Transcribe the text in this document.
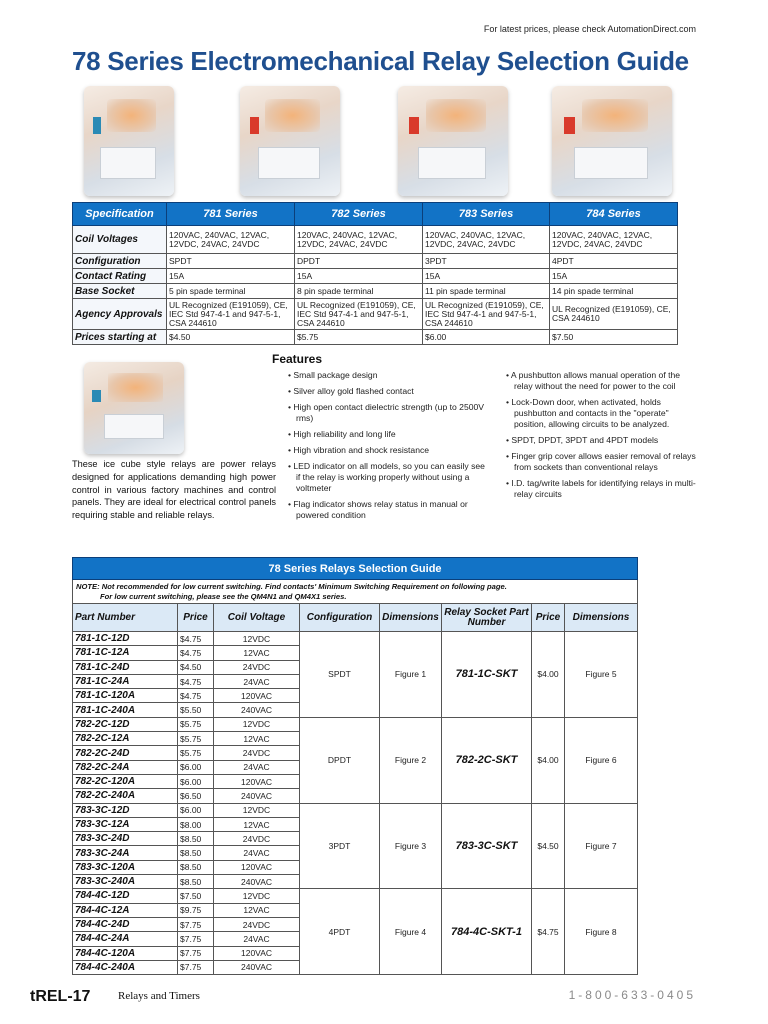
For latest prices, please check AutomationDirect.com
78 Series Electromechanical Relay Selection Guide
Specification	781 Series	782 Series	783 Series	784 Series
Coil Voltages	120VAC, 240VAC, 12VAC, 12VDC, 24VAC, 24VDC	120VAC, 240VAC, 12VAC, 12VDC, 24VAC, 24VDC	120VAC, 240VAC, 12VAC, 12VDC, 24VAC, 24VDC	120VAC, 240VAC, 12VAC, 12VDC, 24VAC, 24VDC
Configuration	SPDT	DPDT	3PDT	4PDT
Contact Rating	15A	15A	15A	15A
Base Socket	5 pin spade terminal	8 pin spade terminal	11 pin spade terminal	14 pin spade terminal
Agency Approvals	UL Recognized (E191059), CE, IEC Std 947-4-1 and 947-5-1, CSA 244610	UL Recognized (E191059), CE, IEC Std 947-4-1 and 947-5-1, CSA 244610	UL Recognized (E191059), CE, IEC Std 947-4-1 and 947-5-1, CSA 244610	UL Recognized (E191059), CE, CSA 244610
Prices starting at	$4.50	$5.75	$6.00	$7.50
Features
• Small package design
• Silver alloy gold flashed contact
• High open contact dielectric strength (up to 2500V rms)
• High reliability and long life
• High vibration and shock resistance
• LED indicator on all models, so you can easily see if the relay is working properly without using a voltmeter
• Flag indicator shows relay status in manual or powered condition
• A pushbutton allows manual operation of the relay without the need for power to the coil
• Lock-Down door, when activated, holds pushbutton and contacts in the "operate" position, allowing circuits to be analyzed.
• SPDT, DPDT, 3PDT and 4PDT models
• Finger grip cover allows easier removal of relays from sockets than conventional relays
• I.D. tag/write labels for identifying relays in multi-relay circuits
These ice cube style relays are power relays designed for applications demanding high power control in various factory machines and control panels. They are ideal for electrical control panels requiring stable and reliable relays.
78 Series Relays Selection Guide							

NOTE: Not recommended for low current switching. Find contacts' Minimum Switching Requirement on following page.
For low current switching, please see the QM4N1 and QM4X1 series.							

Part Number	Price	Coil Voltage	Configuration	Dimensions	Relay Socket Part Number	Price	Dimensions
781-1C-12D	$4.75	12VDC	SPDT	Figure 1	781-1C-SKT	$4.00	Figure 5
781-1C-12A	$4.75	12VAC					
781-1C-24D	$4.50	24VDC					
781-1C-24A	$4.75	24VAC					
781-1C-120A	$4.75	120VAC					
781-1C-240A	$5.50	240VAC					
782-2C-12D	$5.75	12VDC	DPDT	Figure 2	782-2C-SKT	$4.00	Figure 6
782-2C-12A	$5.75	12VAC					
782-2C-24D	$5.75	24VDC					
782-2C-24A	$6.00	24VAC					
782-2C-120A	$6.00	120VAC					
782-2C-240A	$6.50	240VAC					
783-3C-12D	$6.00	12VDC	3PDT	Figure 3	783-3C-SKT	$4.50	Figure 7
783-3C-12A	$8.00	12VAC					
783-3C-24D	$8.50	24VDC					
783-3C-24A	$8.50	24VAC					
783-3C-120A	$8.50	120VAC					
783-3C-240A	$8.50	240VAC					
784-4C-12D	$7.50	12VDC	4PDT	Figure 4	784-4C-SKT-1	$4.75	Figure 8
784-4C-12A	$9.75	12VAC					
784-4C-24D	$7.75	24VDC					
784-4C-24A	$7.75	24VAC					
784-4C-120A	$7.75	120VAC					
784-4C-240A	$7.75	240VAC					
tREL-17	Relays and Timers	1-800-633-0405
